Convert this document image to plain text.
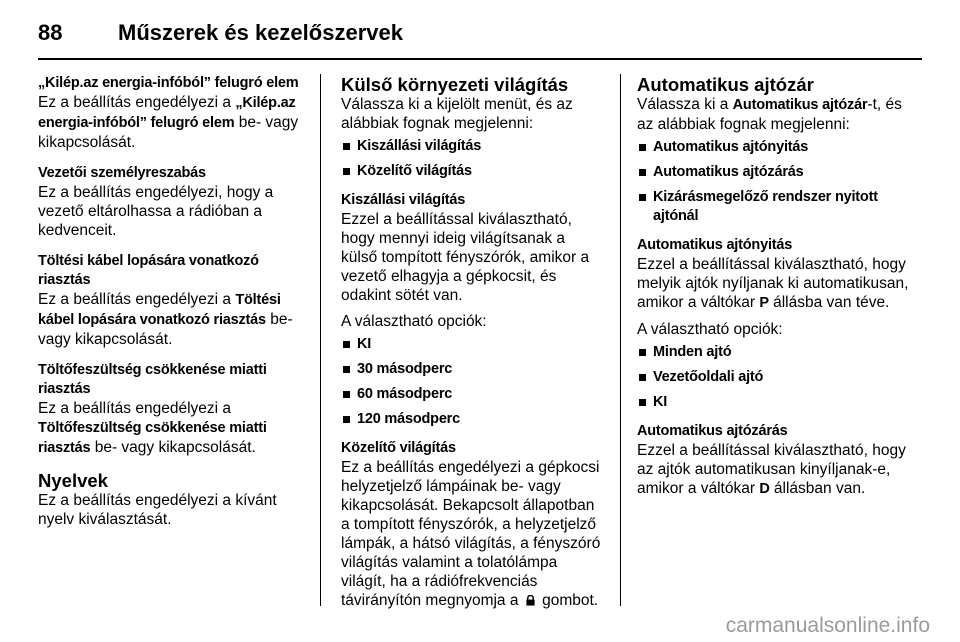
88	Műszerek és kezelőszervek
„Kilép.az energia-infóból” felugró elem

Ez a beállítás engedélyezi a „Kilép.az energia-infóból” felugró elem be- vagy kikapcsolását.

Vezetői személyreszabás

Ez a beállítás engedélyezi, hogy a vezető eltárolhassa a rádióban a kedvenceit.

Töltési kábel lopására vonatkozó riasztás

Ez a beállítás engedélyezi a Töltési kábel lopására vonatkozó riasztás be- vagy kikapcsolását.

Töltőfeszültség csökkenése miatti riasztás

Ez a beállítás engedélyezi a Töltőfeszültség csökkenése miatti riasztás be- vagy kikapcsolását.

Nyelvek

Ez a beállítás engedélyezi a kívánt nyelv kiválasztását.

Külső környezeti világítás

Válassza ki a kijelölt menüt, és az alábbiak fognak megjelenni:

Kiszállási világítás
Közelítő világítás
Kiszállási világítás

Ezzel a beállítással kiválasztható, hogy mennyi ideig világítsanak a külső tompított fényszórók, amikor a vezető elhagyja a gépkocsit, és odakint sötét van.

A választható opciók:

KI
30 másodperc
60 másodperc
120 másodperc
Közelítő világítás

Ez a beállítás engedélyezi a gépkocsi helyzetjelző lámpáinak be- vagy kikapcsolását. Bekapcsolt állapotban a tompított fényszórók, a helyzetjelző lámpák, a hátsó világítás, a fényszóró világítás valamint a tolatólámpa világít, ha a rádiófrekvenciás távirányítón megnyomja a  gombot.

Automatikus ajtózár

Válassza ki a Automatikus ajtózár-t, és az alábbiak fognak megjelenni:

Automatikus ajtónyitás
Automatikus ajtózárás
Kizárásmegelőző rendszer nyitott ajtónál
Automatikus ajtónyitás

Ezzel a beállítással kiválasztható, hogy melyik ajtók nyíljanak ki automatikusan, amikor a váltókar P állásba van téve.

A választható opciók:

Minden ajtó
Vezetőoldali ajtó
KI
Automatikus ajtózárás

Ezzel a beállítással kiválasztható, hogy az ajtók automatikusan kinyíljanak-e, amikor a váltókar D állásban van.

carmanualsonline.info
